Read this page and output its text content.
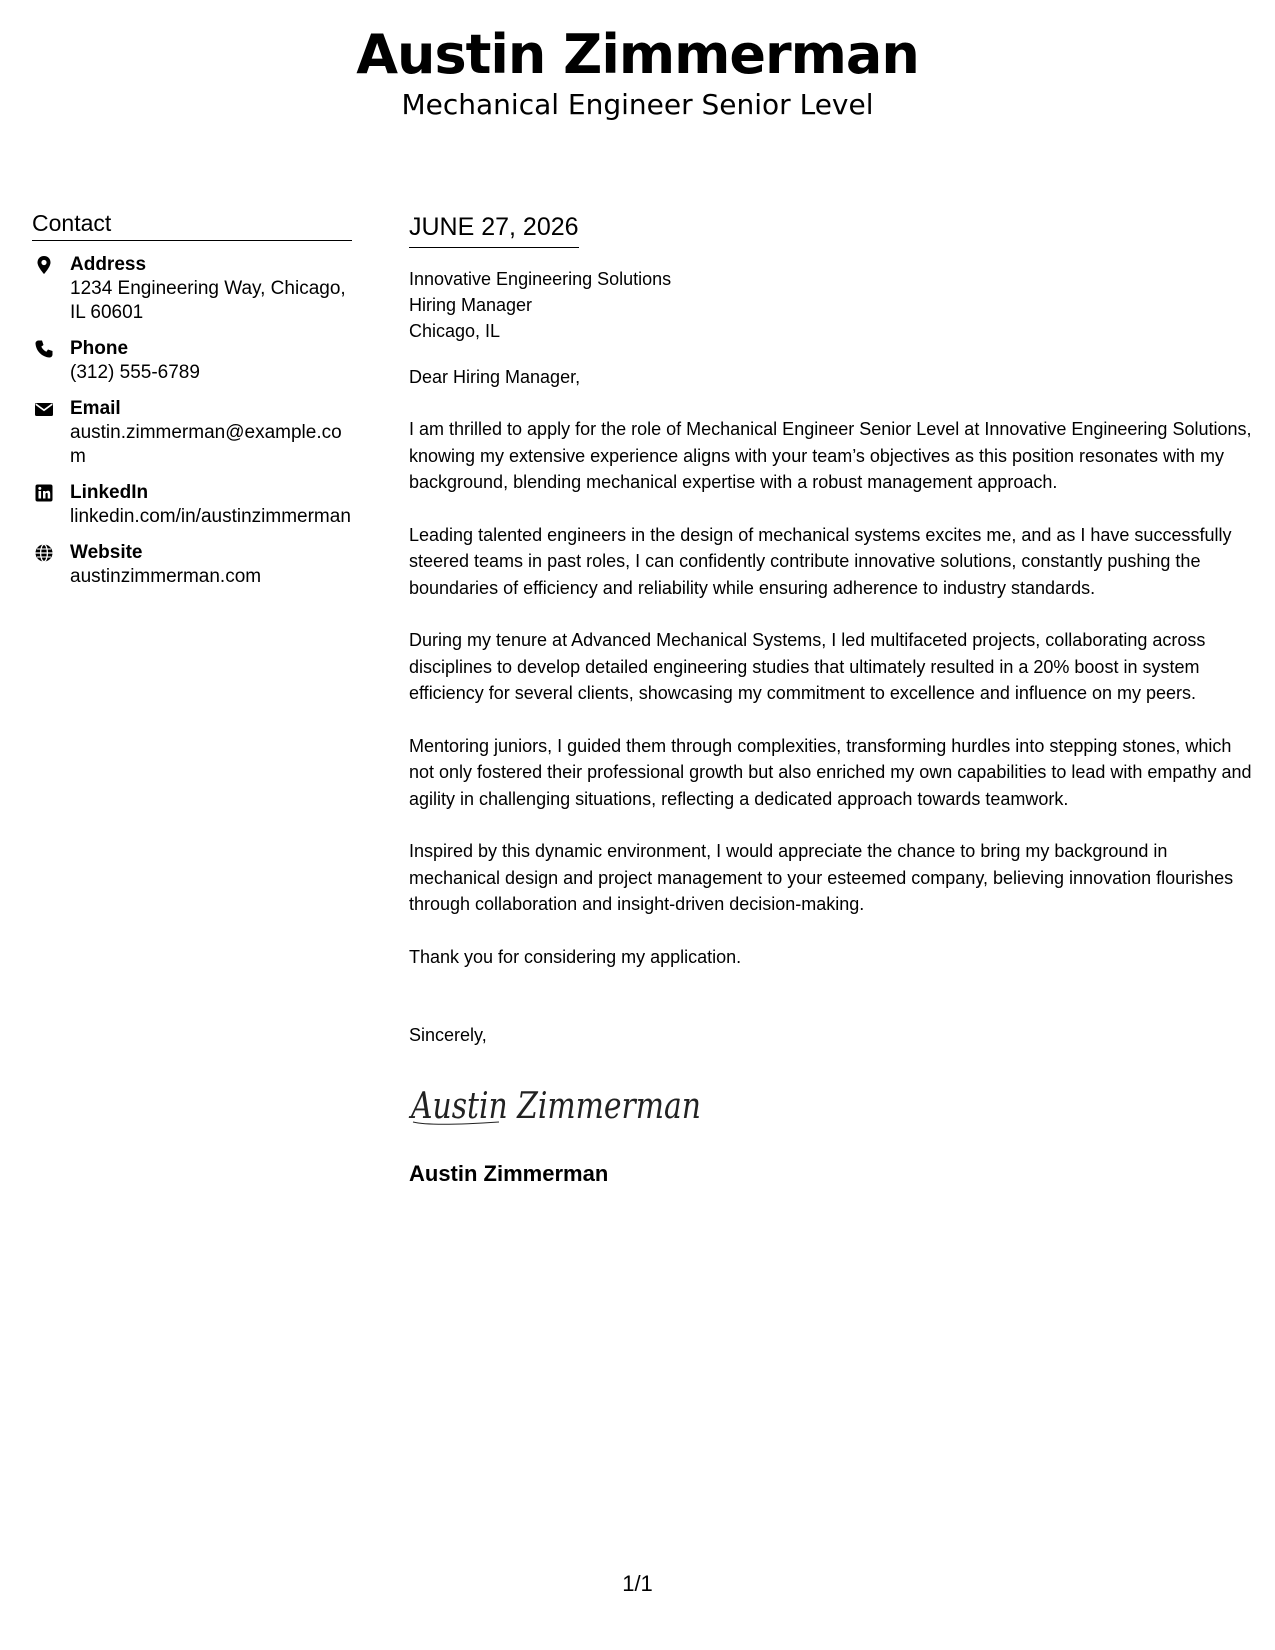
Austin Zimmerman
Mechanical Engineer Senior Level
Contact
Address
1234 Engineering Way, Chicago, IL 60601
Phone
(312) 555-6789
Email
austin.zimmerman@example.com
LinkedIn
linkedin.com/in/austinzimmerman
Website
austinzimmerman.com
JUNE 27, 2026
Innovative Engineering Solutions
Hiring Manager
Chicago, IL
Dear Hiring Manager,
I am thrilled to apply for the role of Mechanical Engineer Senior Level at Innovative Engineering Solutions, knowing my extensive experience aligns with your team’s objectives as this position resonates with my background, blending mechanical expertise with a robust management approach.
Leading talented engineers in the design of mechanical systems excites me, and as I have successfully steered teams in past roles, I can confidently contribute innovative solutions, constantly pushing the boundaries of efficiency and reliability while ensuring adherence to industry standards.
During my tenure at Advanced Mechanical Systems, I led multifaceted projects, collaborating across disciplines to develop detailed engineering studies that ultimately resulted in a 20% boost in system efficiency for several clients, showcasing my commitment to excellence and influence on my peers.
Mentoring juniors, I guided them through complexities, transforming hurdles into stepping stones, which not only fostered their professional growth but also enriched my own capabilities to lead with empathy and agility in challenging situations, reflecting a dedicated approach towards teamwork.
Inspired by this dynamic environment, I would appreciate the chance to bring my background in mechanical design and project management to your esteemed company, believing innovation flourishes through collaboration and insight-driven decision-making.
Thank you for considering my application.
Sincerely,
Austin Zimmerman
Austin Zimmerman
1/1
